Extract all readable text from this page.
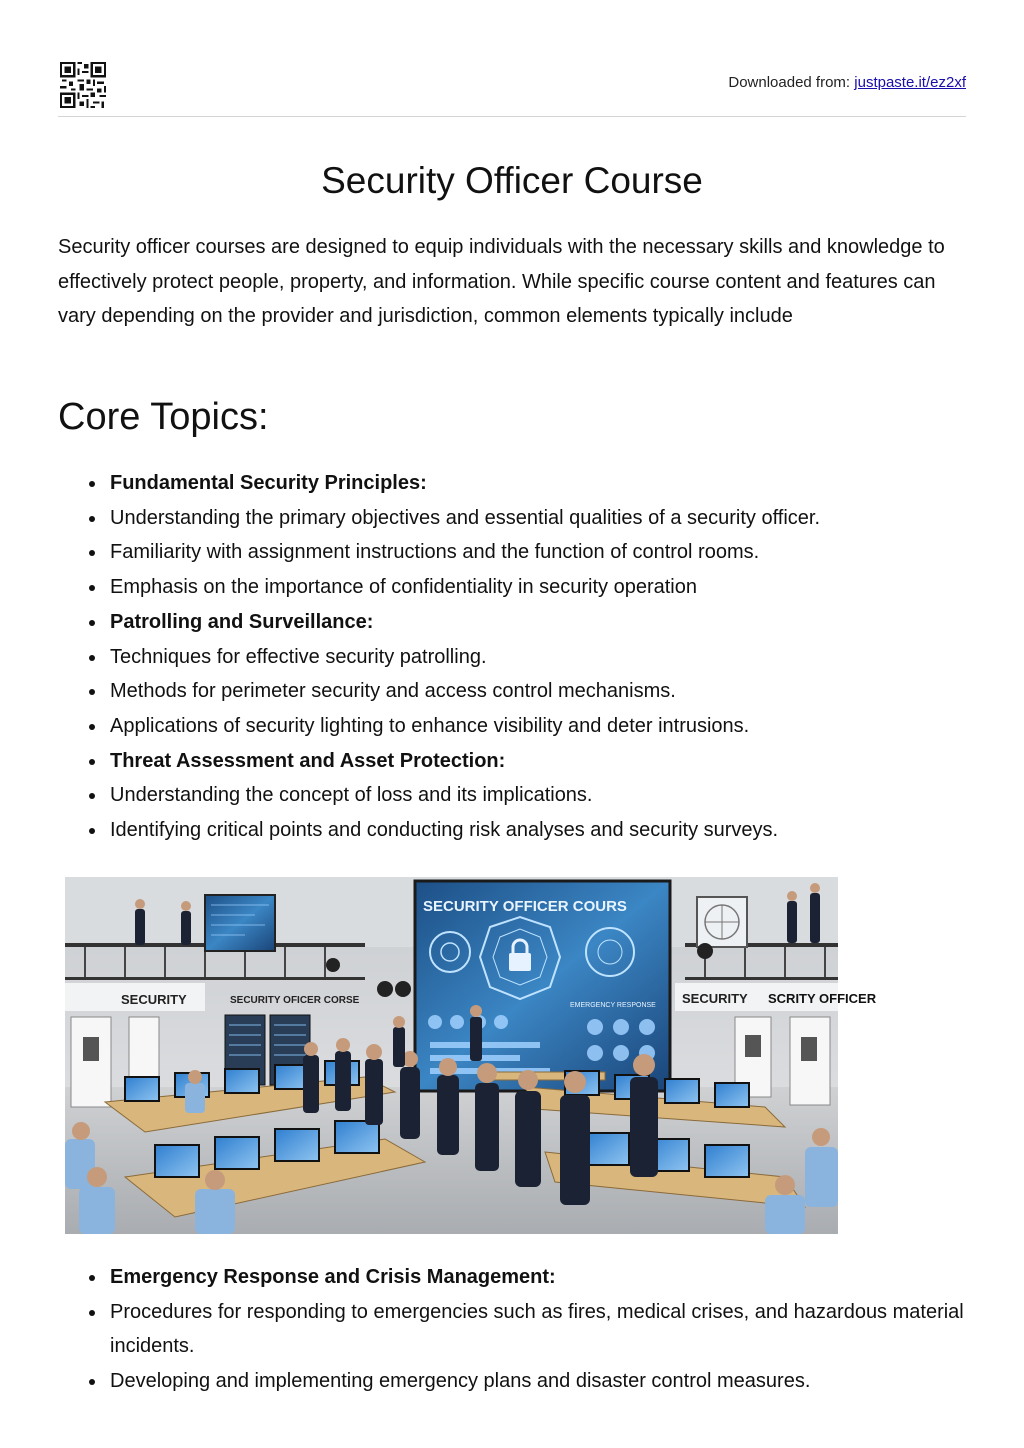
Downloaded from: justpaste.it/ez2xf
Security Officer Course

Security officer courses are designed to equip individuals with the necessary skills and knowledge to effectively protect people, property, and information. While specific course content and features can vary depending on the provider and jurisdiction, common elements typically include

Core Topics:
Fundamental Security Principles:
Understanding the primary objectives and essential qualities of a security officer.
Familiarity with assignment instructions and the function of control rooms.
Emphasis on the importance of confidentiality in security operation
Patrolling and Surveillance:
Techniques for effective security patrolling.
Methods for perimeter security and access control mechanisms.
Applications of security lighting to enhance visibility and deter intrusions.
Threat Assessment and Asset Protection:
Understanding the concept of loss and its implications.
Identifying critical points and conducting risk analyses and security surveys.
SECURITY OFFICER COURS
EMERGENCY RESPONSE
SECURITY	SECURITY OFICER CORSE	SECURITY SCRITY OFFICER
Emergency Response and Crisis Management:
Procedures for responding to emergencies such as fires, medical crises, and hazardous material incidents.
Developing and implementing emergency plans and disaster control measures.
